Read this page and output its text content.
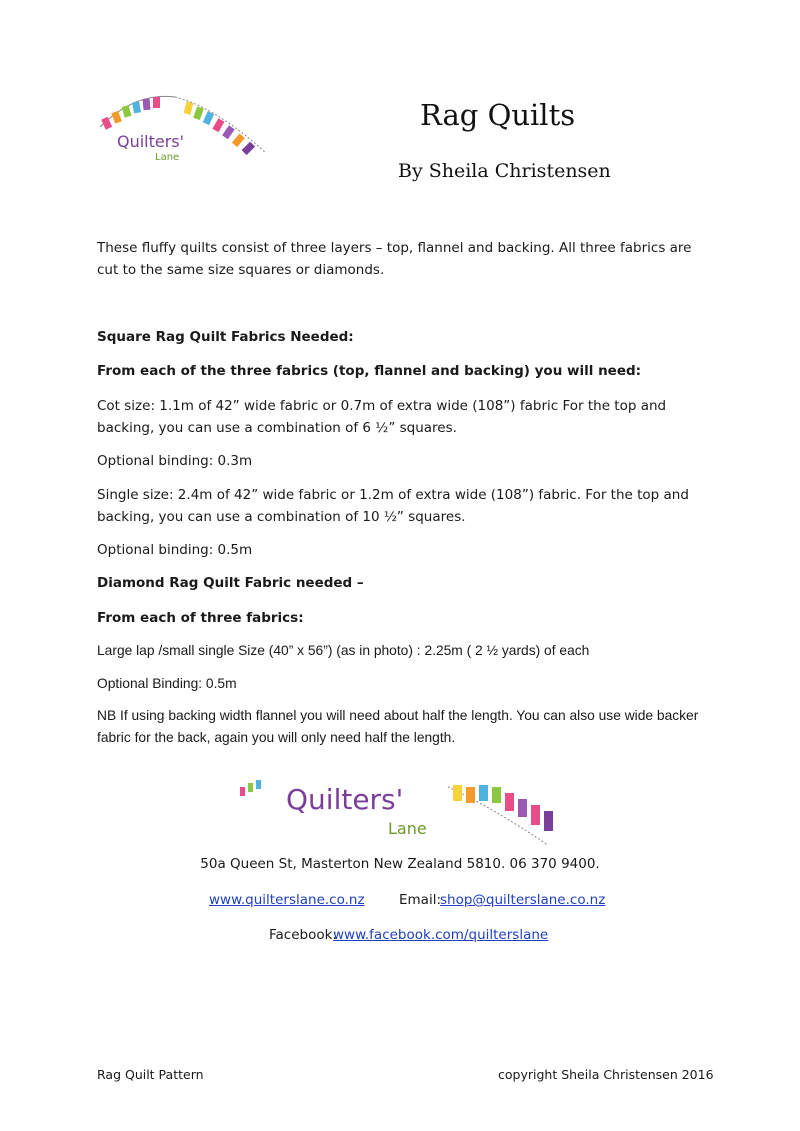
Quilters'
Lane
Rag Quilts
By Sheila Christensen
These fluffy quilts consist of three layers – top, flannel and backing. All three fabrics are cut to the same size squares or diamonds.
Square Rag Quilt Fabrics Needed:
From each of the three fabrics (top, flannel and backing) you will need:
Cot size: 1.1m of 42” wide fabric or 0.7m of extra wide (108”) fabric For the top and backing, you can use a combination of 6 ½” squares.
Optional binding: 0.3m
Single size: 2.4m of 42” wide fabric or 1.2m of extra wide (108”) fabric. For the top and backing, you can use a combination of 10 ½” squares.
Optional binding: 0.5m
Diamond Rag Quilt Fabric needed –
From each of three fabrics:
Large lap /small single Size (40” x 56”) (as in photo) : 2.25m ( 2 ½ yards) of each
Optional Binding: 0.5m
NB If using backing width flannel you will need about half the length. You can also use wide backer fabric for the back, again you will only need half the length.
Quilters'
Lane
50a Queen St, Masterton New Zealand 5810. 06 370 9400.
www.quilterslane.co.nz	Email:
shop@quilterslane.co.nz
Facebook:
www.facebook.com/quilterslane
Rag Quilt Pattern	copyright Sheila Christensen 2016
